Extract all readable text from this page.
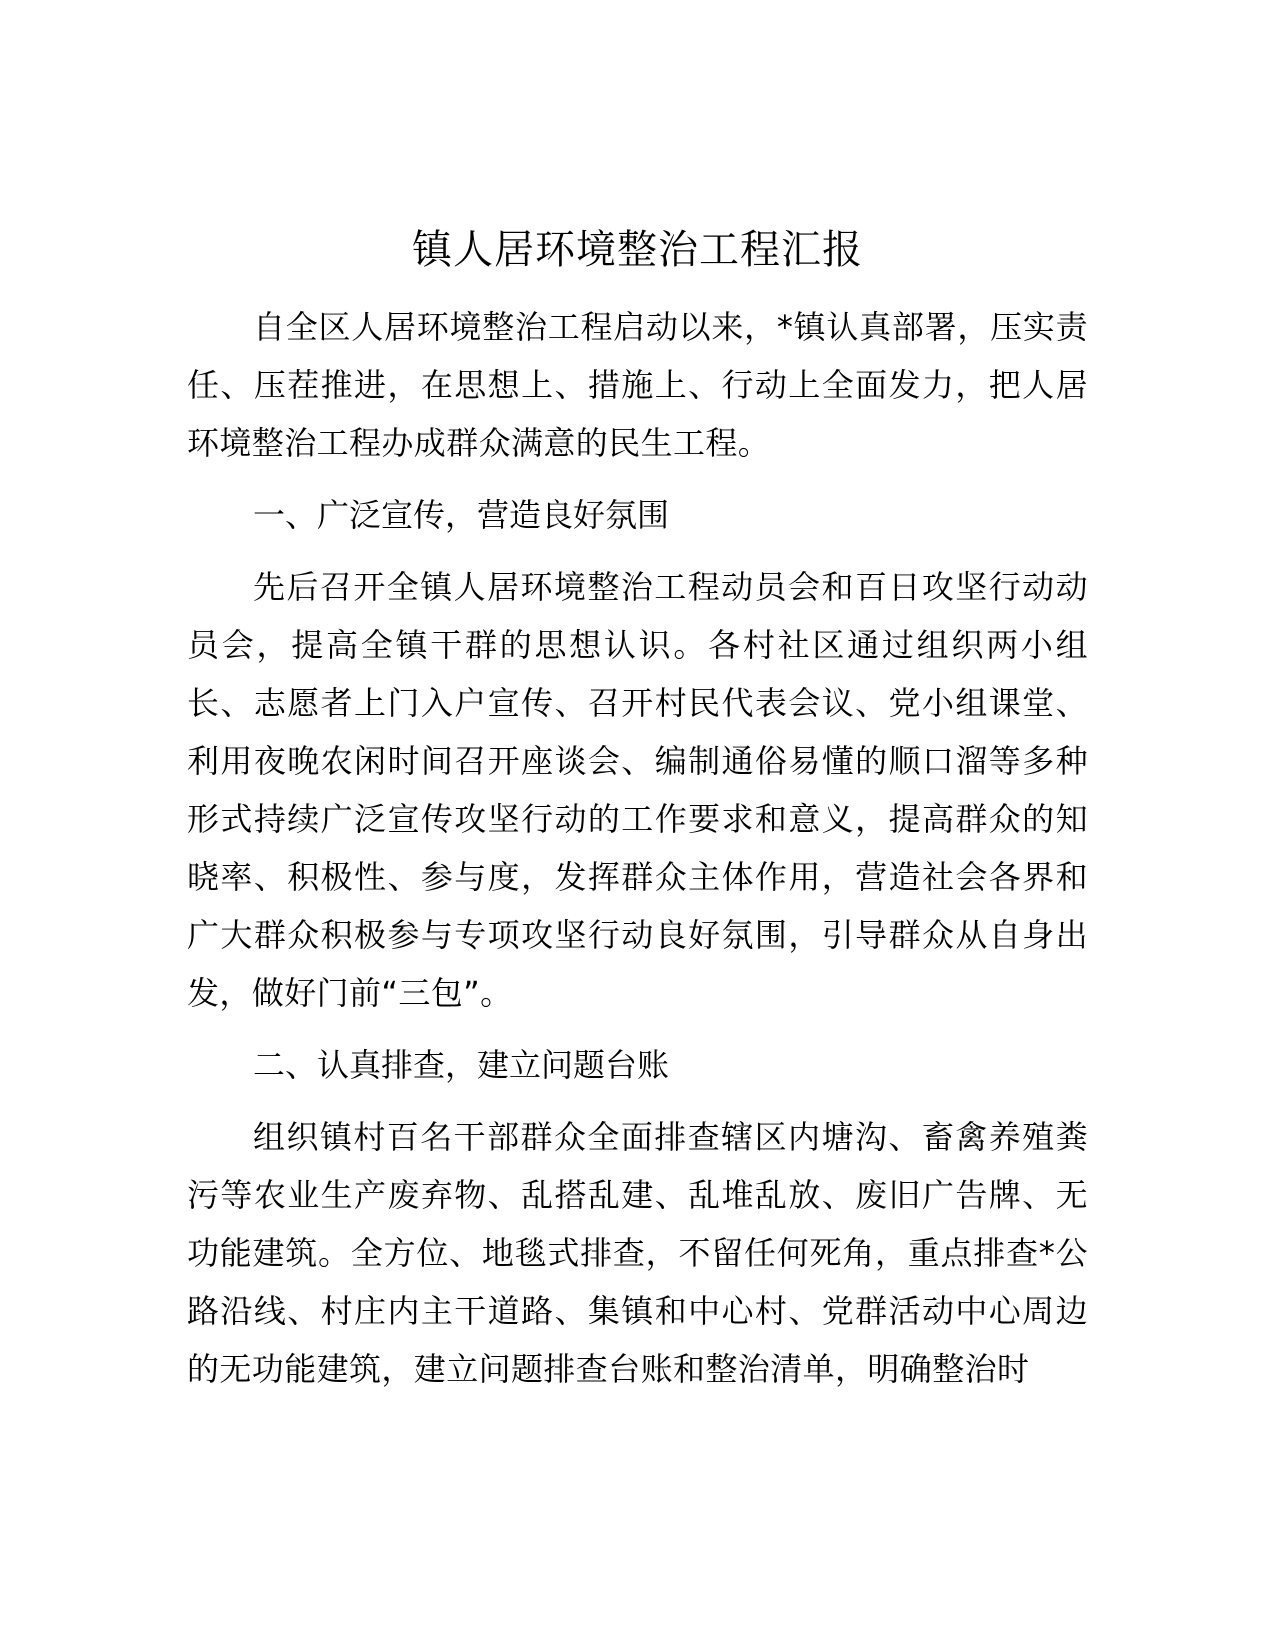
镇人居环境整治工程汇报

自全区人居环境整治工程启动以来，*镇认真部署，压实责任、压茬推进，在思想上、措施上、行动上全面发力，把人居环境整治工程办成群众满意的民生工程。

一、广泛宣传，营造良好氛围

先后召开全镇人居环境整治工程动员会和百日攻坚行动动员会，提高全镇干群的思想认识。各村社区通过组织两小组长、志愿者上门入户宣传、召开村民代表会议、党小组课堂、利用夜晚农闲时间召开座谈会、编制通俗易懂的顺口溜等多种形式持续广泛宣传攻坚行动的工作要求和意义，提高群众的知晓率、积极性、参与度，发挥群众主体作用，营造社会各界和广大群众积极参与专项攻坚行动良好氛围，引导群众从自身出发，做好门前“三包”。

二、认真排查，建立问题台账

组织镇村百名干部群众全面排查辖区内塘沟、畜禽养殖粪污等农业生产废弃物、乱搭乱建、乱堆乱放、废旧广告牌、无功能建筑。全方位、地毯式排查，不留任何死角，重点排查*公路沿线、村庄内主干道路、集镇和中心村、党群活动中心周边的无功能建筑，建立问题排查台账和整治清单，明确整治时
